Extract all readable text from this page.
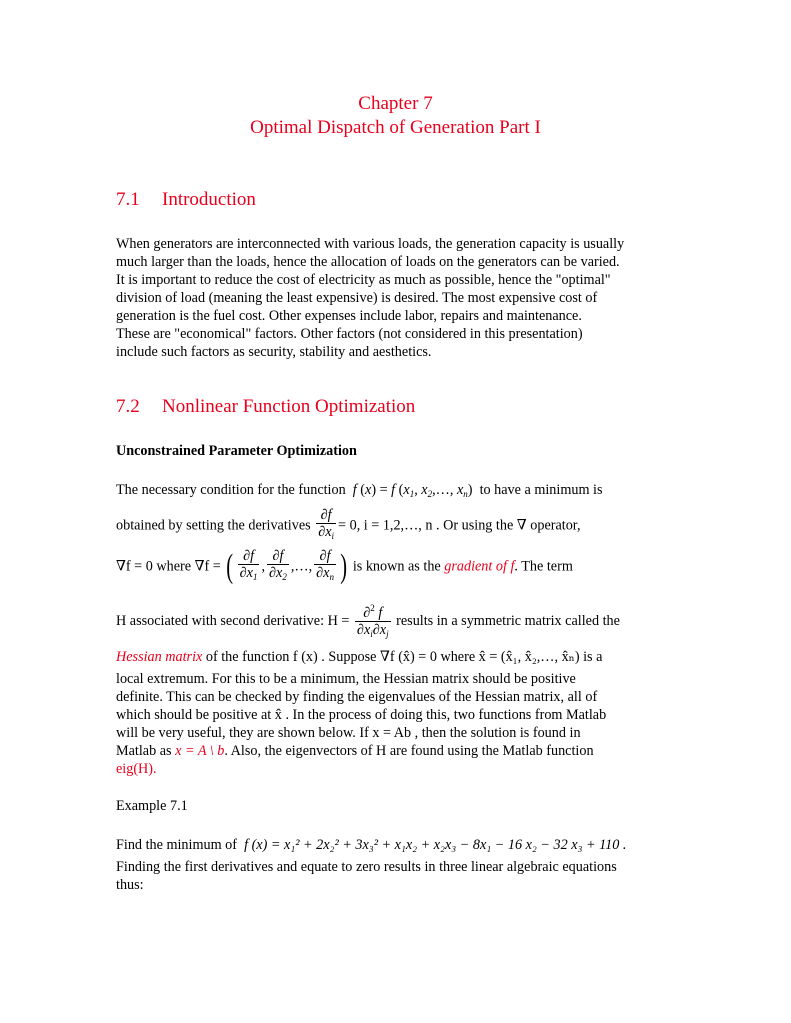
Chapter 7
Optimal Dispatch of Generation Part I
7.1 Introduction
When generators are interconnected with various loads, the generation capacity is usually
much larger than the loads, hence the allocation of loads on the generators can be varied.
It is important to reduce the cost of electricity as much as possible, hence the "optimal"
division of load (meaning the least expensive) is desired. The most expensive cost of
generation is the fuel cost. Other expenses include labor, repairs and maintenance.
These are "economical" factors. Other factors (not considered in this presentation)
include such factors as security, stability and aesthetics.
7.2 Nonlinear Function Optimization
Unconstrained Parameter Optimization
The necessary condition for the function f (x) = f ($x_1$, $x_2,\dots$, $x_n$)  to have a minimum is
obtained by setting the derivatives $\frac{\partial f}{\partial x_i} = 0$, i = 1,2,…, n . Or using the ∇ operator,
∇f = 0 where ∇f = ( $\frac{\partial f}{\partial x_1}$ , $\frac{\partial f}{\partial x_2}$ ,…, $\frac{\partial f}{\partial x_n}$ ) is known as the gradient of f. The term
H associated with second derivative: $H = \frac{\partial^2 f}{\partial x_i\partial x_j}$ results in a symmetric matrix called the
Hessian matrix of the function f (x) . Suppose ∇f (x̂) = 0 where x̂ = (x̂₁, x̂₂,…, x̂ₙ) is a
local extremum. For this to be a minimum, the Hessian matrix should be positive
definite. This can be checked by finding the eigenvalues of the Hessian matrix, all of
which should be positive at x̂ . In the process of doing this, two functions from Matlab
will be very useful, they are shown below. If x = Ab , then the solution is found in
Matlab as x = A \ b. Also, the eigenvectors of H are found using the Matlab function
eig(H).
Example 7.1
Find the minimum of f (x) = x₁² + 2x₂² + 3x₃² + x₁x₂ + x₂x₃ − 8x₁ − 16 x₂ − 32 x₃ + 110 .
Finding the first derivatives and equate to zero results in three linear algebraic equations
thus:
